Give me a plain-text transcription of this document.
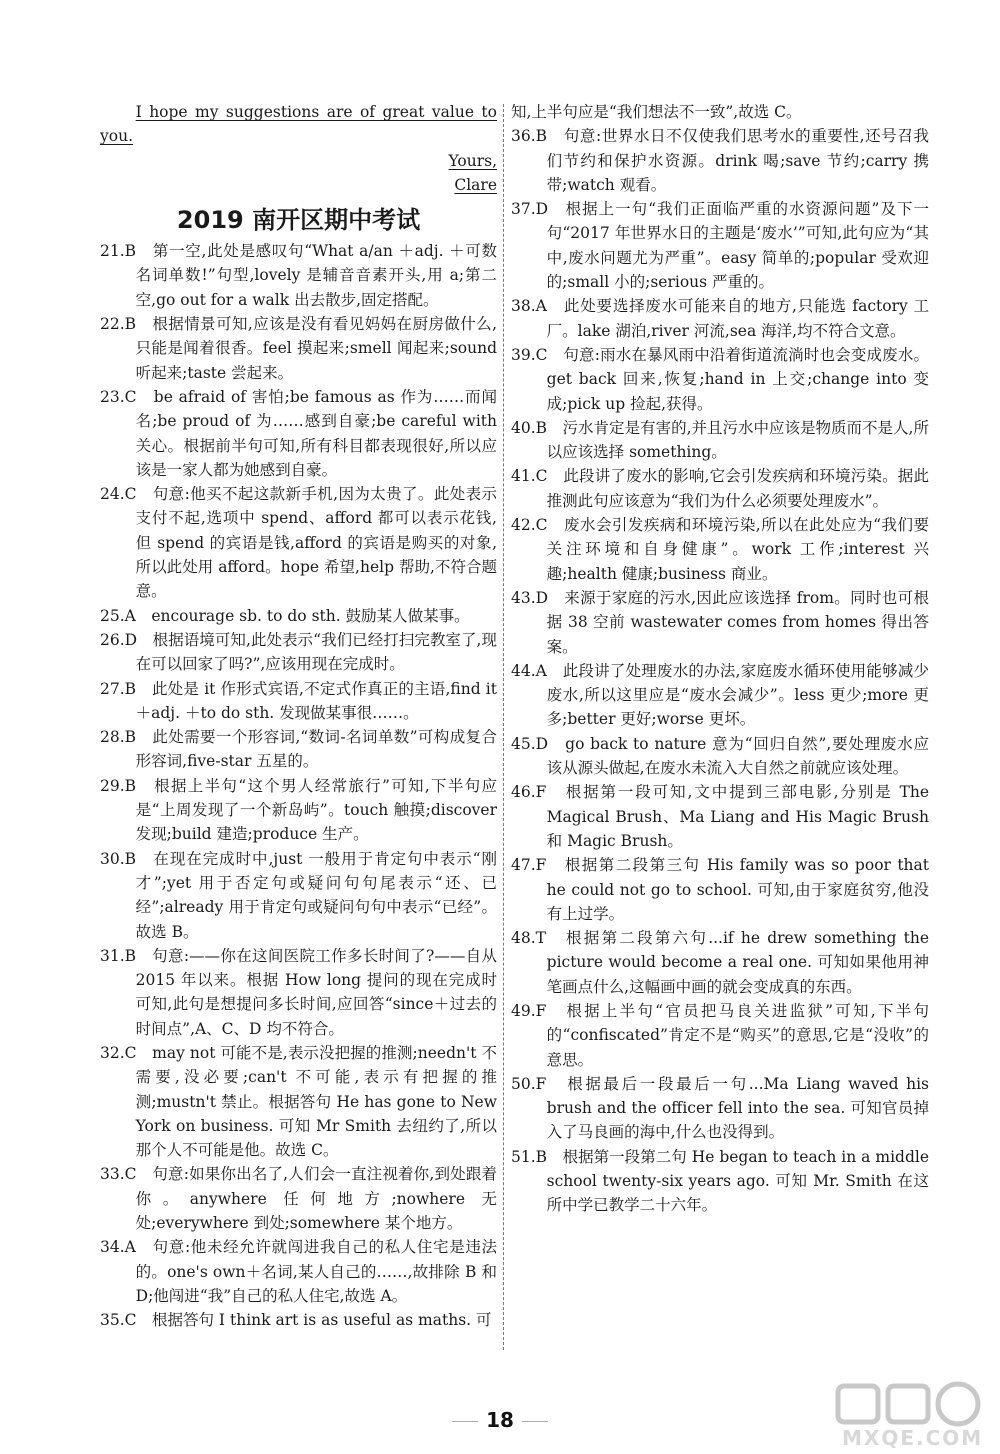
I hope my suggestions are of great value to you.

Yours,
Clare
2019 南开区期中考试

21.B　第一空,此处是感叹句“What a/an ＋adj. ＋可数名词单数!”句型,lovely 是辅音音素开头,用 a;第二空,go out for a walk 出去散步,固定搭配。

22.B　根据情景可知,应该是没有看见妈妈在厨房做什么,只能是闻着很香。feel 摸起来;smell 闻起来;sound 听起来;taste 尝起来。

23.C　be afraid of 害怕;be famous as 作为……而闻名;be proud of 为……感到自豪;be careful with 关心。根据前半句可知,所有科目都表现很好,所以应该是一家人都为她感到自豪。

24.C　句意:他买不起这款新手机,因为太贵了。此处表示支付不起,选项中 spend、afford 都可以表示花钱,但 spend 的宾语是钱,afford 的宾语是购买的对象,所以此处用 afford。hope 希望,help 帮助,不符合题意。

25.A　encourage sb. to do sth. 鼓励某人做某事。

26.D　根据语境可知,此处表示“我们已经打扫完教室了,现在可以回家了吗?”,应该用现在完成时。

27.B　此处是 it 作形式宾语,不定式作真正的主语,find it＋adj. ＋to do sth. 发现做某事很……。

28.B　此处需要一个形容词,“数词-名词单数”可构成复合形容词,five-star 五星的。

29.B　根据上半句“这个男人经常旅行”可知,下半句应是“上周发现了一个新岛屿”。touch 触摸;discover 发现;build 建造;produce 生产。

30.B　在现在完成时中,just 一般用于肯定句中表示“刚才”;yet 用于否定句或疑问句句尾表示“还、已经”;already 用于肯定句或疑问句句中表示“已经”。故选 B。

31.B　句意:——你在这间医院工作多长时间了?——自从 2015 年以来。根据 How long 提问的现在完成时可知,此句是想提问多长时间,应回答“since＋过去的时间点”,A、C、D 均不符合。

32.C　may not 可能不是,表示没把握的推测;needn't 不需要,没必要;can't 不可能,表示有把握的推测;mustn't 禁止。根据答句 He has gone to New York on business. 可知 Mr Smith 去纽约了,所以那个人不可能是他。故选 C。

33.C　句意:如果你出名了,人们会一直注视着你,到处跟着你。anywhere 任何地方;nowhere 无处;everywhere 到处;somewhere 某个地方。

34.A　句意:他未经允许就闯进我自己的私人住宅是违法的。one's own＋名词,某人自己的……,故排除 B 和 D;他闯进“我”自己的私人住宅,故选 A。

35.C　根据答句 I think art is as useful as maths. 可

知,上半句应是“我们想法不一致”,故选 C。

36.B　句意:世界水日不仅使我们思考水的重要性,还号召我们节约和保护水资源。drink 喝;save 节约;carry 携带;watch 观看。

37.D　根据上一句“我们正面临严重的水资源问题”及下一句“2017 年世界水日的主题是‘废水’”可知,此句应为“其中,废水问题尤为严重”。easy 简单的;popular 受欢迎的;small 小的;serious 严重的。

38.A　此处要选择废水可能来自的地方,只能选 factory 工厂。lake 湖泊,river 河流,sea 海洋,均不符合文意。

39.C　句意:雨水在暴风雨中沿着街道流淌时也会变成废水。get back 回来,恢复;hand in 上交;change into 变成;pick up 捡起,获得。

40.B　污水肯定是有害的,并且污水中应该是物质而不是人,所以应该选择 something。

41.C　此段讲了废水的影响,它会引发疾病和环境污染。据此推测此句应该意为“我们为什么必须要处理废水”。

42.C　废水会引发疾病和环境污染,所以在此处应为“我们要关注环境和自身健康”。work 工作;interest 兴趣;health 健康;business 商业。

43.D　来源于家庭的污水,因此应该选择 from。同时也可根据 38 空前 wastewater comes from homes 得出答案。

44.A　此段讲了处理废水的办法,家庭废水循环使用能够减少废水,所以这里应是“废水会减少”。less 更少;more 更多;better 更好;worse 更坏。

45.D　go back to nature 意为“回归自然”,要处理废水应该从源头做起,在废水未流入大自然之前就应该处理。

46.F　根据第一段可知,文中提到三部电影,分别是 The Magical Brush、Ma Liang and His Magic Brush 和 Magic Brush。

47.F　根据第二段第三句 His family was so poor that he could not go to school. 可知,由于家庭贫穷,他没有上过学。

48.T　根据第二段第六句...if he drew something the picture would become a real one. 可知如果他用神笔画点什么,这幅画中画的就会变成真的东西。

49.F　根据上半句“官员把马良关进监狱”可知,下半句的“confiscated”肯定不是“购买”的意思,它是“没收”的意思。

50.F　根据最后一段最后一句...Ma Liang waved his brush and the officer fell into the sea. 可知官员掉入了马良画的海中,什么也没得到。

51.B　根据第一段第二句 He began to teach in a middle school twenty-six years ago. 可知 Mr. Smith 在这所中学已教学二十六年。

18
MXQE.COM
